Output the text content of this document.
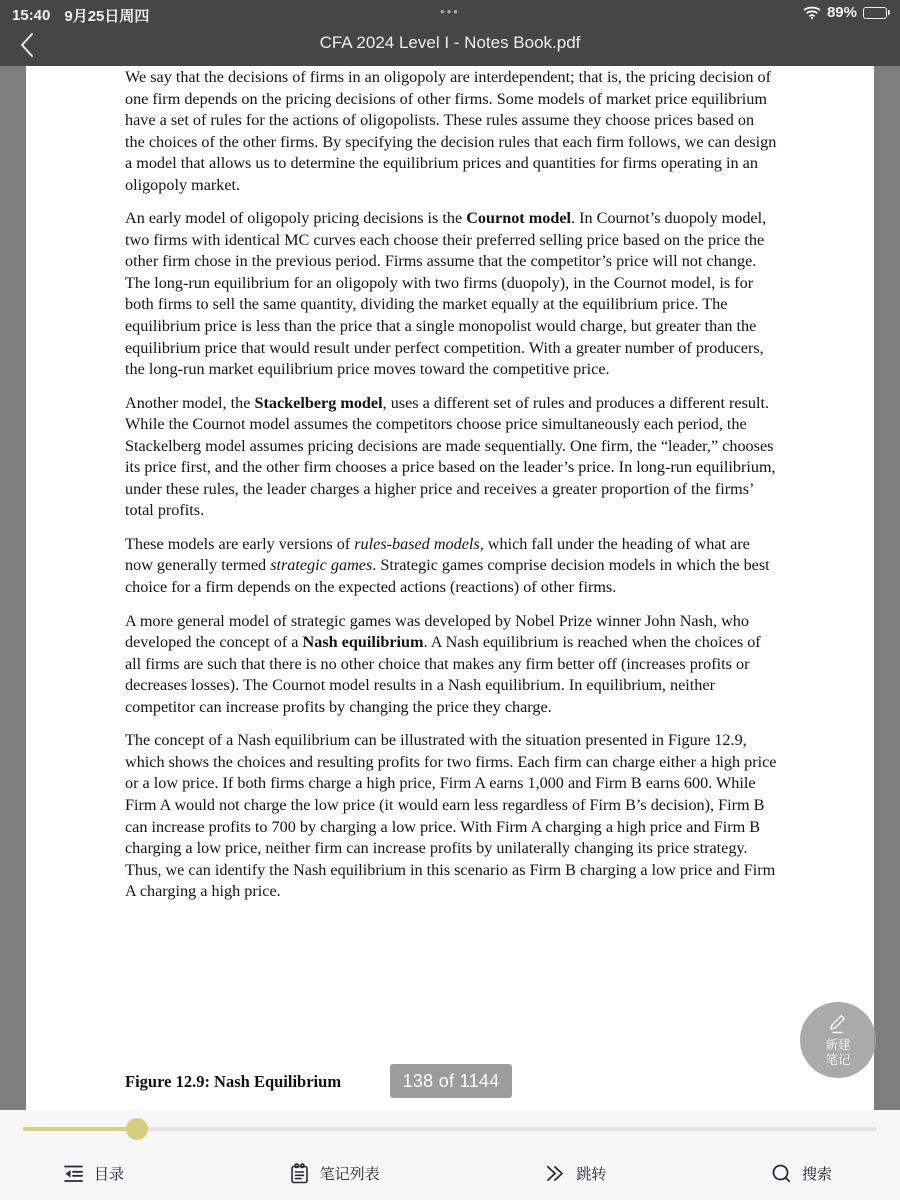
15:40 9月25日周四	•••	89%
CFA 2024 Level I - Notes Book.pdf

We say that the decisions of firms in an oligopoly are interdependent; that is, the pricing decision of one firm depends on the pricing decisions of other firms. Some models of market price equilibrium have a set of rules for the actions of oligopolists. These rules assume they choose prices based on the choices of the other firms. By specifying the decision rules that each firm follows, we can design a model that allows us to determine the equilibrium prices and quantities for firms operating in an oligopoly market.

An early model of oligopoly pricing decisions is the Cournot model. In Cournot’s duopoly model, two firms with identical MC curves each choose their preferred selling price based on the price the other firm chose in the previous period. Firms assume that the competitor’s price will not change. The long-run equilibrium for an oligopoly with two firms (duopoly), in the Cournot model, is for both firms to sell the same quantity, dividing the market equally at the equilibrium price. The equilibrium price is less than the price that a single monopolist would charge, but greater than the equilibrium price that would result under perfect competition. With a greater number of producers, the long-run market equilibrium price moves toward the competitive price.

Another model, the Stackelberg model, uses a different set of rules and produces a different result. While the Cournot model assumes the competitors choose price simultaneously each period, the Stackelberg model assumes pricing decisions are made sequentially. One firm, the “leader,” chooses its price first, and the other firm chooses a price based on the leader’s price. In long-run equilibrium, under these rules, the leader charges a higher price and receives a greater proportion of the firms’ total profits.

These models are early versions of rules-based models, which fall under the heading of what are now generally termed strategic games. Strategic games comprise decision models in which the best choice for a firm depends on the expected actions (reactions) of other firms.

A more general model of strategic games was developed by Nobel Prize winner John Nash, who developed the concept of a Nash equilibrium. A Nash equilibrium is reached when the choices of all firms are such that there is no other choice that makes any firm better off (increases profits or decreases losses). The Cournot model results in a Nash equilibrium. In equilibrium, neither competitor can increase profits by changing the price they charge.

The concept of a Nash equilibrium can be illustrated with the situation presented in Figure 12.9, which shows the choices and resulting profits for two firms. Each firm can charge either a high price or a low price. If both firms charge a high price, Firm A earns 1,000 and Firm B earns 600. While Firm A would not charge the low price (it would earn less regardless of Firm B’s decision), Firm B can increase profits to 700 by charging a low price. With Firm A charging a high price and Firm B charging a low price, neither firm can increase profits by unilaterally changing its price strategy. Thus, we can identify the Nash equilibrium in this scenario as Firm B charging a low price and Firm A charging a high price.

Figure 12.9: Nash Equilibrium	138 of 1144
新建
笔记
目录	笔记列表	跳转	搜索
